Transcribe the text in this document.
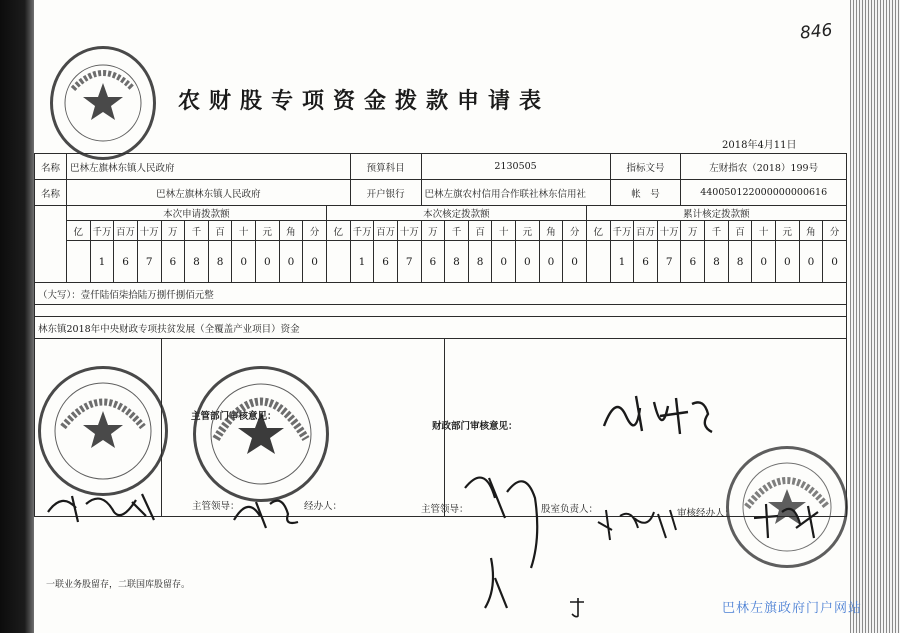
846
农财股专项资金拨款申请表
2018年4月11日
名称	巴林左旗林东镇人民政府												预算科目			2130505								指标文号			左财指农（2018）199号						
名称	巴林左旗林东镇人民政府												开户银行			巴林左旗农村信用合作联社林东信用社								帐　号			440050122000000000616						
	本次申请拨款额											本次核定拨款额											累计核定拨款额										
	亿	千万	百万	十万	万	千	百	十	元	角	分	亿	千万	百万	十万	万	千	百	十	元	角	分	亿	千万	百万	十万	万	千	百	十	元	角	分
		1	6	7	6	8	8	0	0	0	0		1	6	7	6	8	8	0	0	0	0		1	6	7	6	8	8	0	0	0	0
（大写）：壹仟陆佰柒拾陆万捌仟捌佰元整																																	

林东镇2018年中央财政专项扶贫发展（全覆盖产业项目）资金																																	

主管部门审核意见：
财政部门审核意见：
主管领导：	经办人：	主管领导：	股室负责人：	审核经办人：
一联业务股留存，二联国库股留存。
巴林左旗政府门户网站
